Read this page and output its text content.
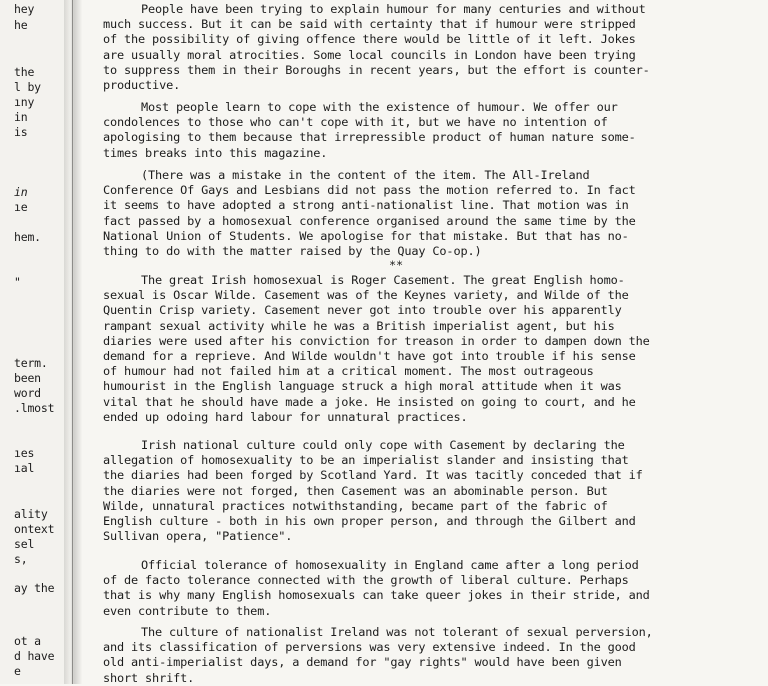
hey
he
the
l by
ıny
in
is
in
ıe
hem.
"
term.
been
word
.lmost
ıes
ıal
ality
ontext
sel
s,
ay the
ot a
d have
e
People have been trying to explain humour for many centuries and without
much success. But it can be said with certainty that if humour were stripped
of the possibility of giving offence there would be little of it left. Jokes
are usually moral atrocities. Some local councils in London have been trying
to suppress them in their Boroughs in recent years, but the effort is counter-
productive.
Most people learn to cope with the existence of humour. We offer our
condolences to those who can't cope with it, but we have no intention of
apologising to them because that irrepressible product of human nature some-
times breaks into this magazine.
(There was a mistake in the content of the item. The All-Ireland
Conference Of Gays and Lesbians did not pass the motion referred to. In fact
it seems to have adopted a strong anti-nationalist line. That motion was in
fact passed by a homosexual conference organised around the same time by the
National Union of Students. We apologise for that mistake. But that has no-
thing to do with the matter raised by the Quay Co-op.)
**
The great Irish homosexual is Roger Casement. The great English homo-
sexual is Oscar Wilde. Casement was of the Keynes variety, and Wilde of the
Quentin Crisp variety. Casement never got into trouble over his apparently
rampant sexual activity while he was a British imperialist agent, but his
diaries were used after his conviction for treason in order to dampen down the
demand for a reprieve. And Wilde wouldn't have got into trouble if his sense
of humour had not failed him at a critical moment. The most outrageous
humourist in the English language struck a high moral attitude when it was
vital that he should have made a joke. He insisted on going to court, and he
ended up odoing hard labour for unnatural practices.
Irish national culture could only cope with Casement by declaring the
allegation of homosexuality to be an imperialist slander and insisting that
the diaries had been forged by Scotland Yard. It was tacitly conceded that if
the diaries were not forged, then Casement was an abominable person. But
Wilde, unnatural practices notwithstanding, became part of the fabric of
English culture - both in his own proper person, and through the Gilbert and
Sullivan opera, "Patience".
Official tolerance of homosexuality in England came after a long period
of de facto tolerance connected with the growth of liberal culture. Perhaps
that is why many English homosexuals can take queer jokes in their stride, and
even contribute to them.
The culture of nationalist Ireland was not tolerant of sexual perversion,
and its classification of perversions was very extensive indeed. In the good
old anti-imperialist days, a demand for "gay rights" would have been given
short shrift.
